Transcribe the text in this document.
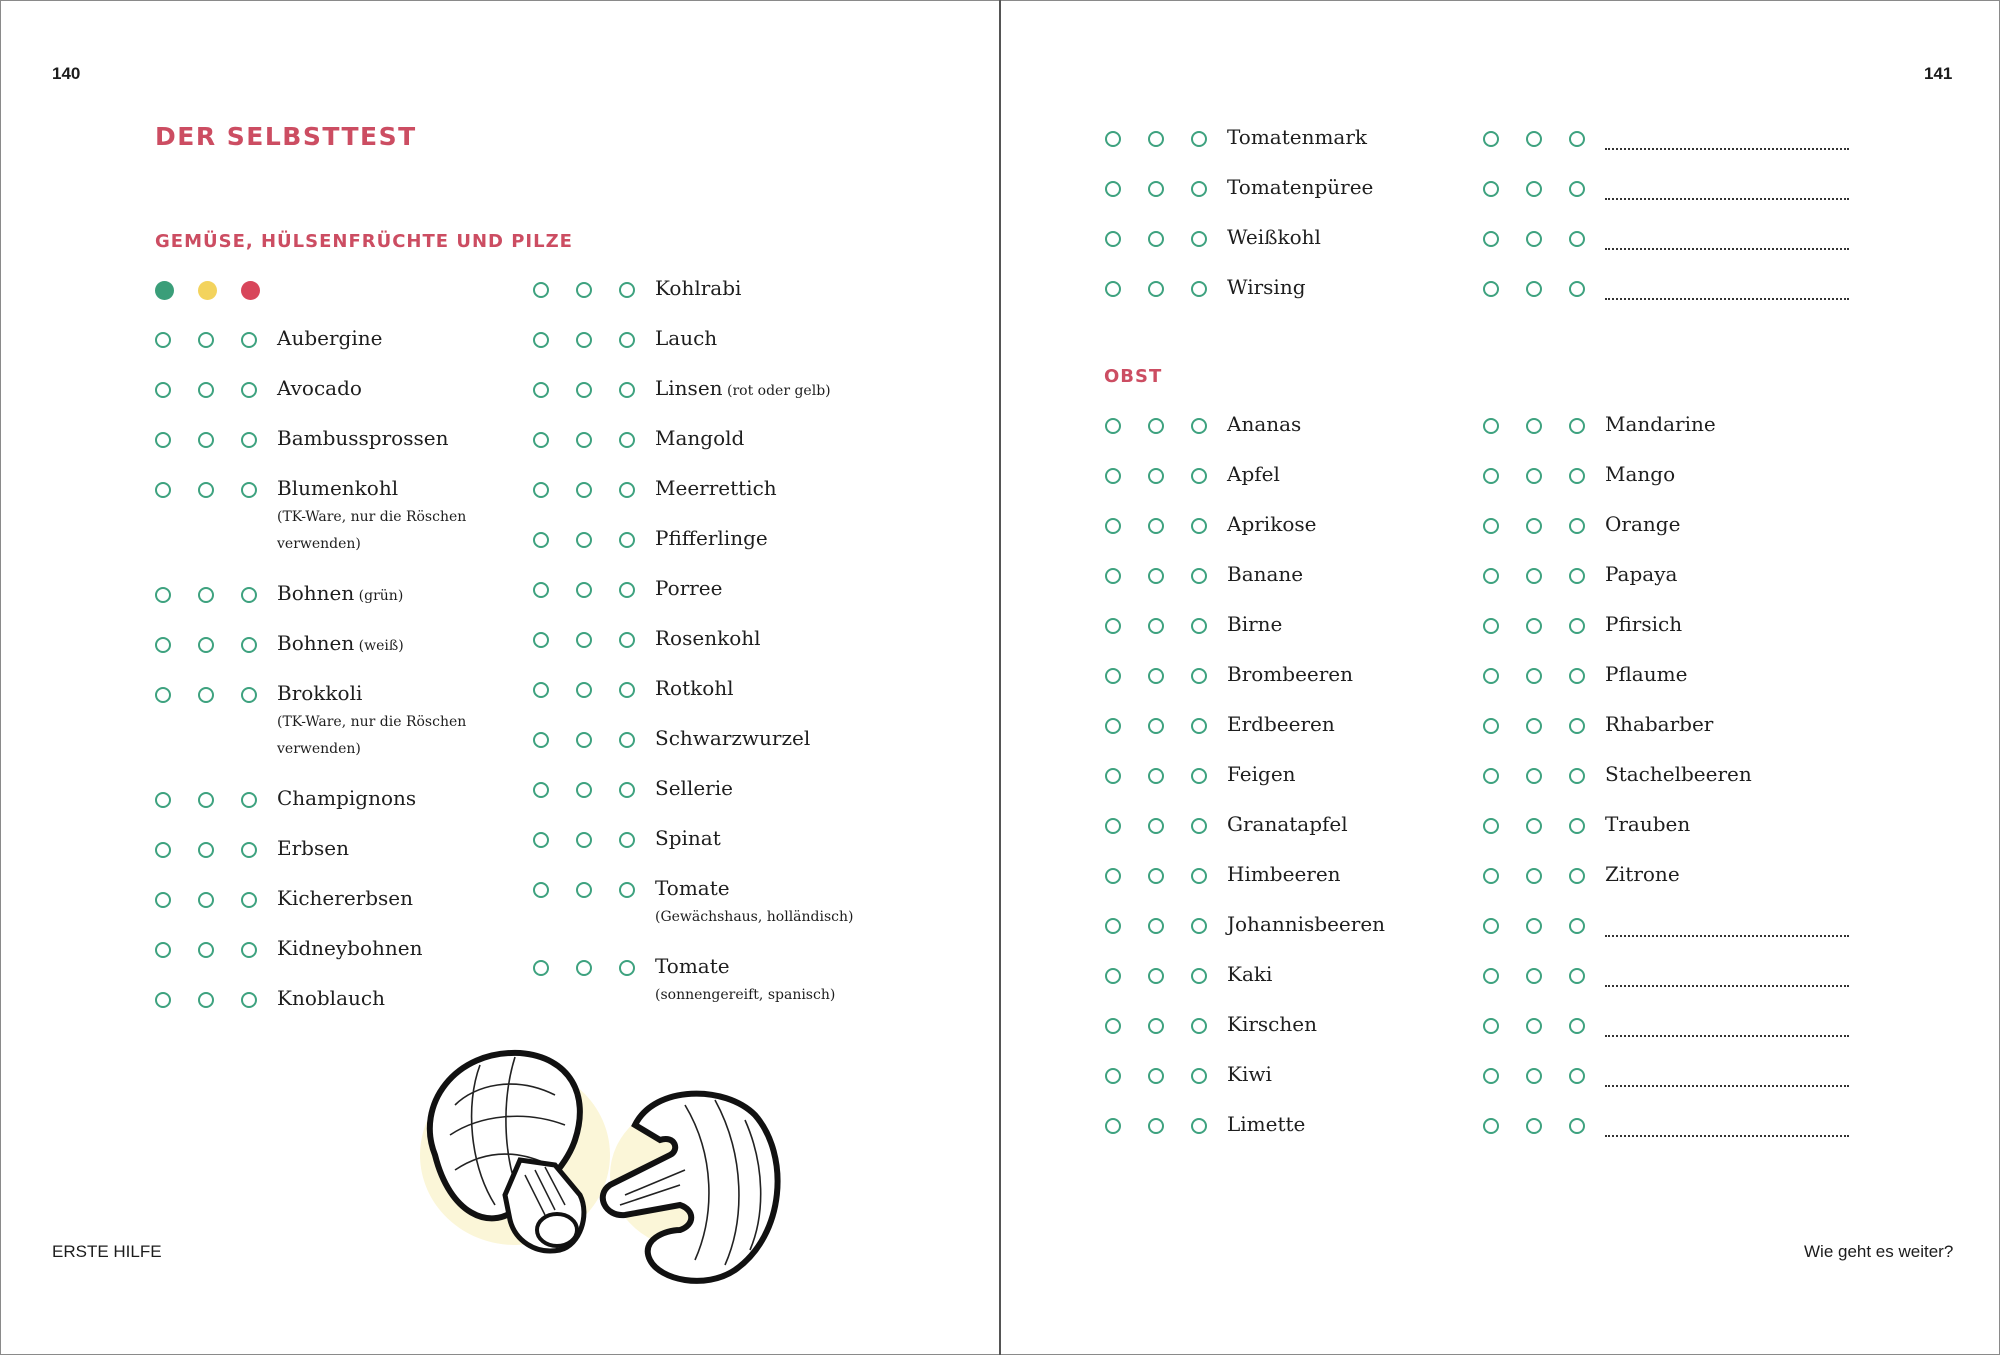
140	141
DER SELBSTTEST
GEMÜSE, HÜLSENFRÜCHTE UND PILZE
OBST
Aubergine
Avocado
Bambussprossen
Blumenkohl
(TK-Ware, nur die Röschen verwenden)
Bohnen (grün)
Bohnen (weiß)
Brokkoli
(TK-Ware, nur die Röschen verwenden)
Champignons
Erbsen
Kichererbsen
Kidneybohnen
Knoblauch
Kohlrabi
Lauch
Linsen (rot oder gelb)
Mangold
Meerrettich
Pfifferlinge
Porree
Rosenkohl
Rotkohl
Schwarzwurzel
Sellerie
Spinat
Tomate
(Gewächshaus, holländisch)
Tomate
(sonnengereift, spanisch)
Tomatenmark
Tomatenpüree
Weißkohl
Wirsing
Ananas
Apfel
Aprikose
Banane
Birne
Brombeeren
Erdbeeren
Feigen
Granatapfel
Himbeeren
Johannisbeeren
Kaki
Kirschen
Kiwi
Limette
Mandarine
Mango
Orange
Papaya
Pfirsich
Pflaume
Rhabarber
Stachelbeeren
Trauben
Zitrone
ERSTE HILFE	Wie geht es weiter?
